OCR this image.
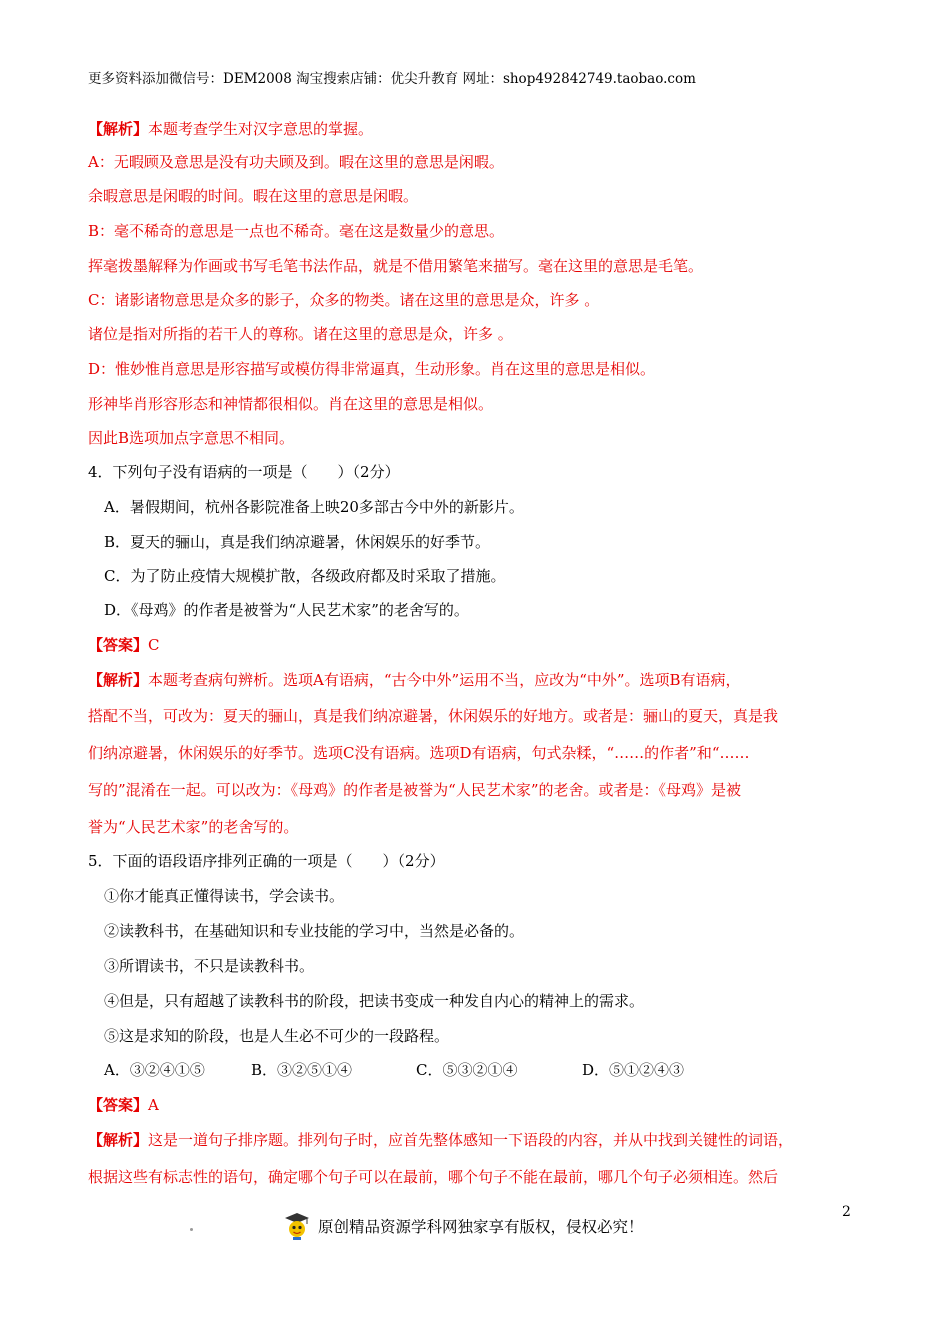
更多资料添加微信号：DEM2008 淘宝搜索店铺：优尖升教育 网址：shop492842749.taobao.com
【解析】本题考查学生对汉字意思的掌握。
A：无暇顾及意思是没有功夫顾及到。暇在这里的意思是闲暇。
余暇意思是闲暇的时间。暇在这里的意思是闲暇。
B：毫不稀奇的意思是一点也不稀奇。毫在这是数量少的意思。
挥毫拨墨解释为作画或书写毛笔书法作品，就是不借用繁笔来描写。毫在这里的意思是毛笔。
C：诸影诸物意思是众多的影子，众多的物类。诸在这里的意思是众，许多 。
诸位是指对所指的若干人的尊称。诸在这里的意思是众，许多 。
D：惟妙惟肖意思是形容描写或模仿得非常逼真，生动形象。肖在这里的意思是相似。
形神毕肖形容形态和神情都很相似。肖在这里的意思是相似。
因此B选项加点字意思不相同。
4．下列句子没有语病的一项是（　　）（2分）
A．暑假期间，杭州各影院准备上映20多部古今中外的新影片。
B．夏天的骊山，真是我们纳凉避暑，休闲娱乐的好季节。
C．为了防止疫情大规模扩散，各级政府都及时采取了措施。
D．《母鸡》的作者是被誉为“人民艺术家”的老舍写的。
【答案】C
【解析】本题考查病句辨析。选项A有语病，“古今中外”运用不当，应改为“中外”。选项B有语病，
搭配不当，可改为：夏天的骊山，真是我们纳凉避暑，休闲娱乐的好地方。或者是：骊山的夏天，真是我
们纳凉避暑，休闲娱乐的好季节。选项C没有语病。选项D有语病，句式杂糅，“……的作者”和“……
写的”混淆在一起。可以改为：《母鸡》的作者是被誉为“人民艺术家”的老舍。或者是：《母鸡》是被
誉为“人民艺术家”的老舍写的。
5．下面的语段语序排列正确的一项是（　　）（2分）
①你才能真正懂得读书，学会读书。
②读教科书，在基础知识和专业技能的学习中，当然是必备的。
③所谓读书，不只是读教科书。
④但是，只有超越了读教科书的阶段，把读书变成一种发自内心的精神上的需求。
⑤这是求知的阶段，也是人生必不可少的一段路程。
A．③②④①⑤	B．③②⑤①④	C．⑤③②①④	D．⑤①②④③
【答案】A
【解析】这是一道句子排序题。排列句子时，应首先整体感知一下语段的内容，并从中找到关键性的词语，
根据这些有标志性的语句，确定哪个句子可以在最前，哪个句子不能在最前，哪几个句子必须相连。然后
2
原创精品资源学科网独家享有版权，侵权必究！
